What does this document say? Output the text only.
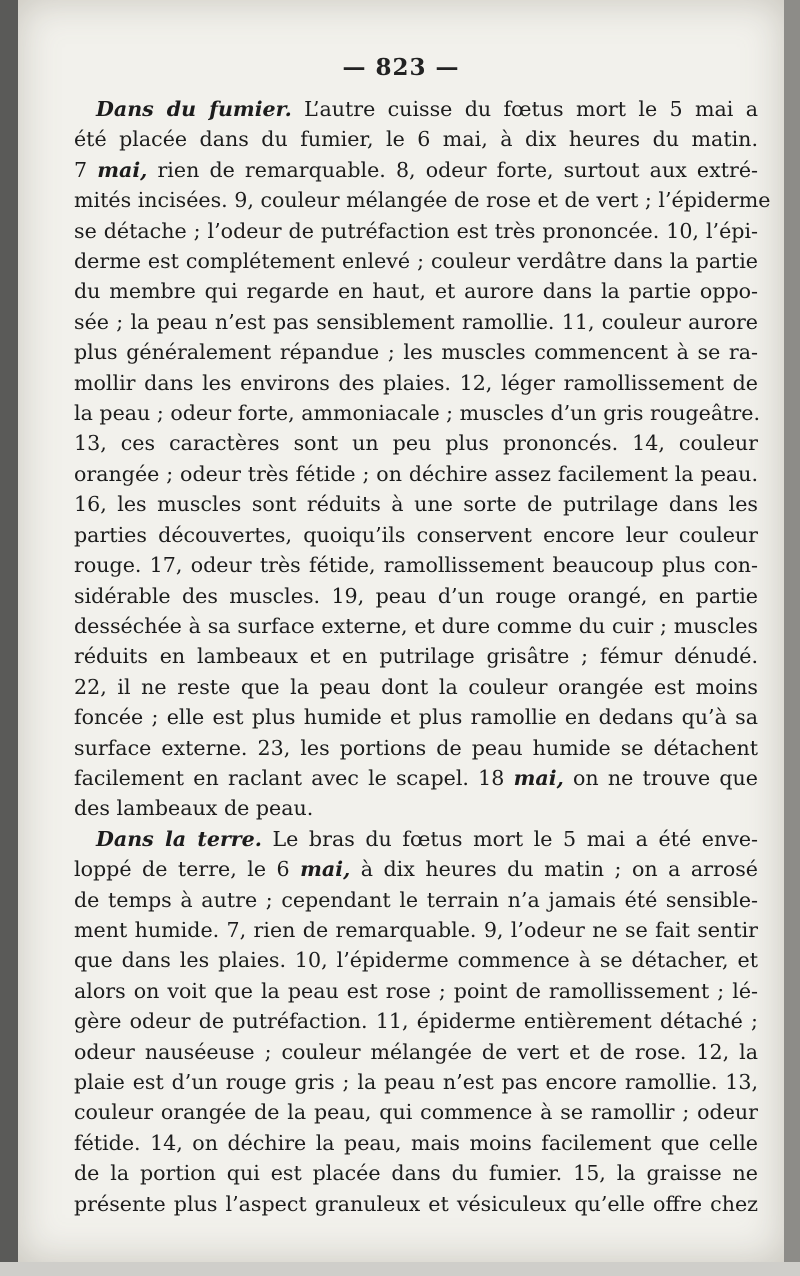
— 823 —
Dans du fumier. L’autre cuisse du fœtus mort le 5 mai a
été placée dans du fumier, le 6 mai, à dix heures du matin.
7 mai, rien de remarquable. 8, odeur forte, surtout aux extré-
mités incisées. 9, couleur mélangée de rose et de vert ; l’épiderme
se détache ; l’odeur de putréfaction est très prononcée. 10, l’épi-
derme est complétement enlevé ; couleur verdâtre dans la partie
du membre qui regarde en haut, et aurore dans la partie oppo-
sée ; la peau n’est pas sensiblement ramollie. 11, couleur aurore
plus généralement répandue ; les muscles commencent à se ra-
mollir dans les environs des plaies. 12, léger ramollissement de
la peau ; odeur forte, ammoniacale ; muscles d’un gris rougeâtre.
13, ces caractères sont un peu plus prononcés. 14, couleur
orangée ; odeur très fétide ; on déchire assez facilement la peau.
16, les muscles sont réduits à une sorte de putrilage dans les
parties découvertes, quoiqu’ils conservent encore leur couleur
rouge. 17, odeur très fétide, ramollissement beaucoup plus con-
sidérable des muscles. 19, peau d’un rouge orangé, en partie
desséchée à sa surface externe, et dure comme du cuir ; muscles
réduits en lambeaux et en putrilage grisâtre ; fémur dénudé.
22, il ne reste que la peau dont la couleur orangée est moins
foncée ; elle est plus humide et plus ramollie en dedans qu’à sa
surface externe. 23, les portions de peau humide se détachent
facilement en raclant avec le scapel. 18 mai, on ne trouve que
des lambeaux de peau.
Dans la terre. Le bras du fœtus mort le 5 mai a été enve-
loppé de terre, le 6 mai, à dix heures du matin ; on a arrosé
de temps à autre ; cependant le terrain n’a jamais été sensible-
ment humide. 7, rien de remarquable. 9, l’odeur ne se fait sentir
que dans les plaies. 10, l’épiderme commence à se détacher, et
alors on voit que la peau est rose ; point de ramollissement ; lé-
gère odeur de putréfaction. 11, épiderme entièrement détaché ;
odeur nauséeuse ; couleur mélangée de vert et de rose. 12, la
plaie est d’un rouge gris ; la peau n’est pas encore ramollie. 13,
couleur orangée de la peau, qui commence à se ramollir ; odeur
fétide. 14, on déchire la peau, mais moins facilement que celle
de la portion qui est placée dans du fumier. 15, la graisse ne
présente plus l’aspect granuleux et vésiculeux qu’elle offre chez
